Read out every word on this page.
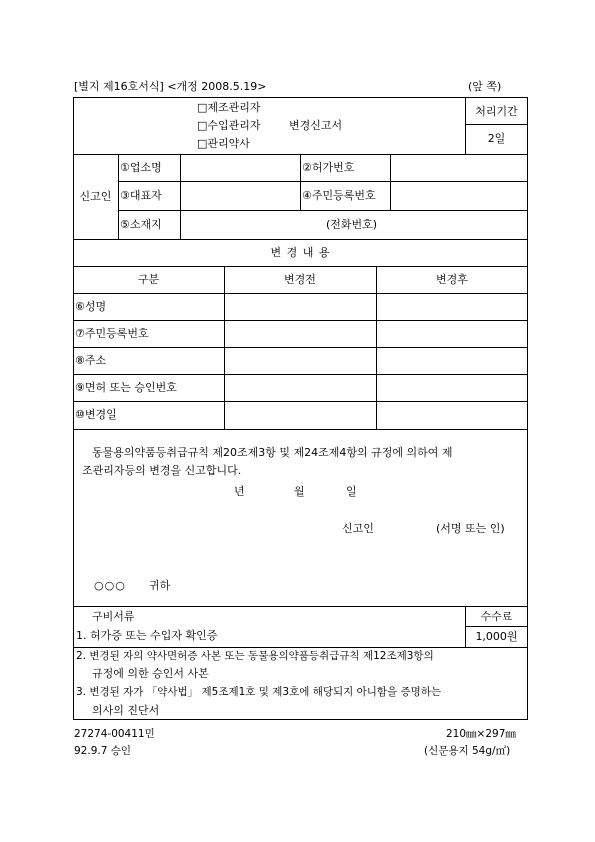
[별지 제16호서식] <개정 2008.5.19>	(앞 쪽)
□제조관리자
□수입관리자
□관리약사
변경신고서
처리기간
2일
신고인
①업소명	②허가번호
③대표자	④주민등록번호
⑤소재지	(전화번호)
변 경 내 용
구분	변경전	변경후
⑥성명
⑦주민등록번호
⑧주소
⑨면허 또는 승인번호
⑩변경일
동물용의약품등취급규칙 제20조제3항 및 제24조제4항의 규정에 의하여 제
조관리자등의 변경을 신고합니다.
년	월	일
신고인	(서명 또는 인)
○○○ 귀하
구비서류	수수료
1,000원
1. 허가증 또는 수입자 확인증
2. 변경된 자의 약사면허증 사본 또는 동물용의약품등취급규칙 제12조제3항의
규정에 의한 승인서 사본
3. 변경된 자가 「약사법」 제5조제1호 및 제3호에 해당되지 아니함을 증명하는
의사의 진단서
27274-00411민	210㎜×297㎜
92.9.7 승인	(신문용지 54g/㎡)
